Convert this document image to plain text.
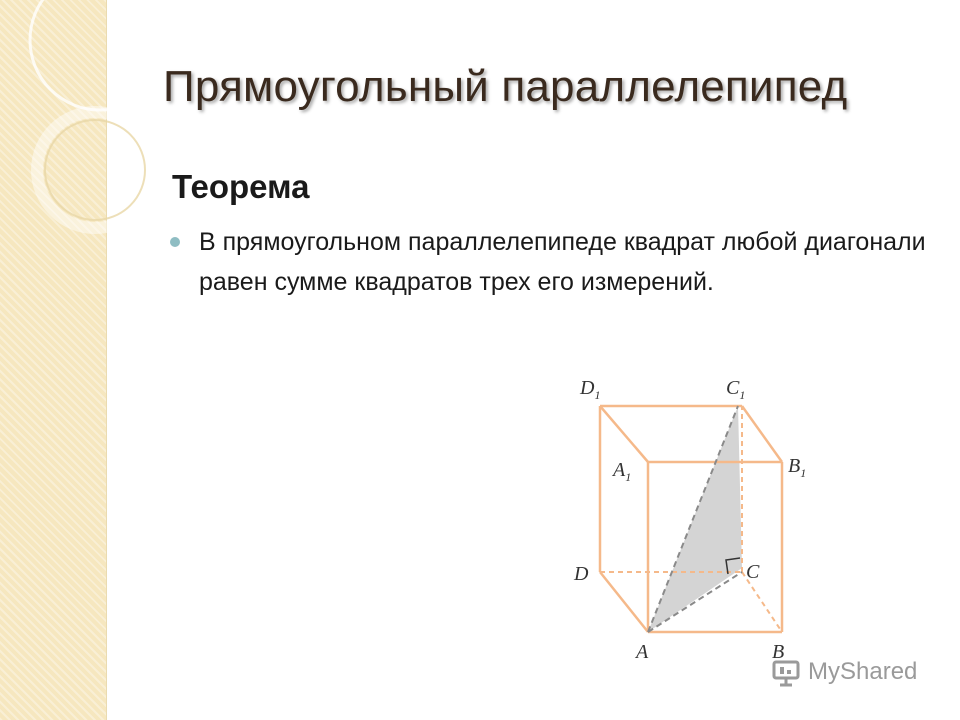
Прямоугольный параллелепипед
Теорема

В прямоугольном параллелепипеде квадрат любой диагонали равен сумме квадратов трех его измерений.

$D_1$	$C_1$
$A_1$	$B_1$
D	C
A	B
MyShared
